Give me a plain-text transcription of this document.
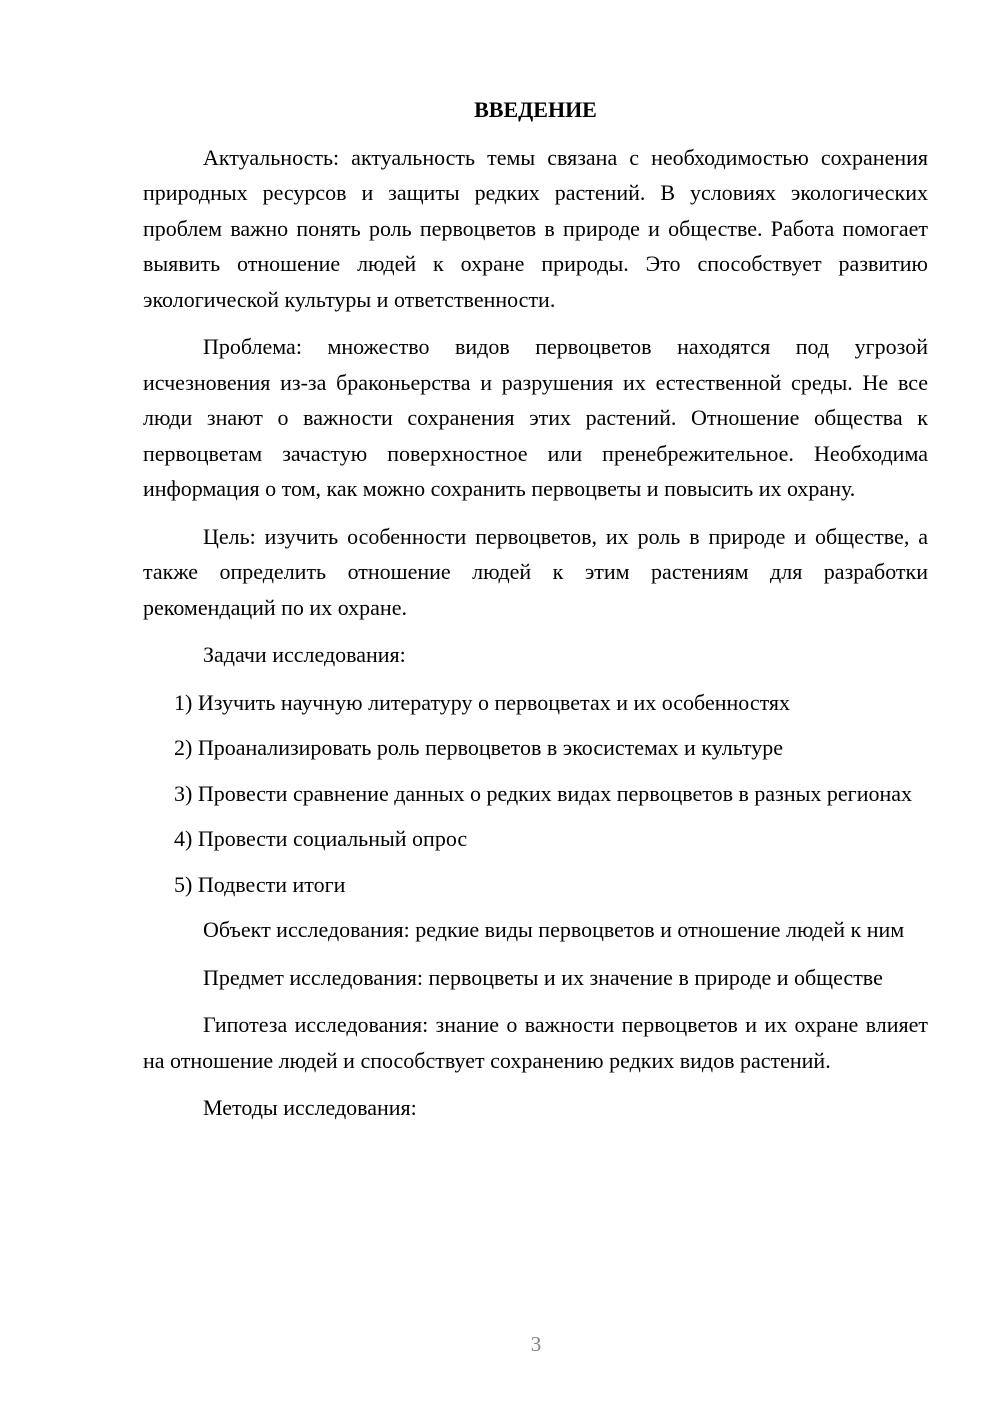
ВВЕДЕНИЕ

Актуальность: актуальность темы связана с необходимостью сохранения природных ресурсов и защиты редких растений. В условиях экологических проблем важно понять роль первоцветов в природе и обществе. Работа помогает выявить отношение людей к охране природы. Это способствует развитию экологической культуры и ответственности.

Проблема: множество видов первоцветов находятся под угрозой исчезновения из-за браконьерства и разрушения их естественной среды. Не все люди знают о важности сохранения этих растений. Отношение общества к первоцветам зачастую поверхностное или пренебрежительное. Необходима информация о том, как можно сохранить первоцветы и повысить их охрану.

Цель: изучить особенности первоцветов, их роль в природе и обществе, а также определить отношение людей к этим растениям для разработки рекомендаций по их охране.

Задачи исследования:

1) Изучить научную литературу о первоцветах и их особенностях

2) Проанализировать роль первоцветов в экосистемах и культуре

3) Провести сравнение данных о редких видах первоцветов в разных регионах

4) Провести социальный опрос

5) Подвести итоги

Объект исследования: редкие виды первоцветов и отношение людей к ним

Предмет исследования: первоцветы и их значение в природе и обществе

Гипотеза исследования: знание о важности первоцветов и их охране влияет на отношение людей и способствует сохранению редких видов растений.

Методы исследования:

3
